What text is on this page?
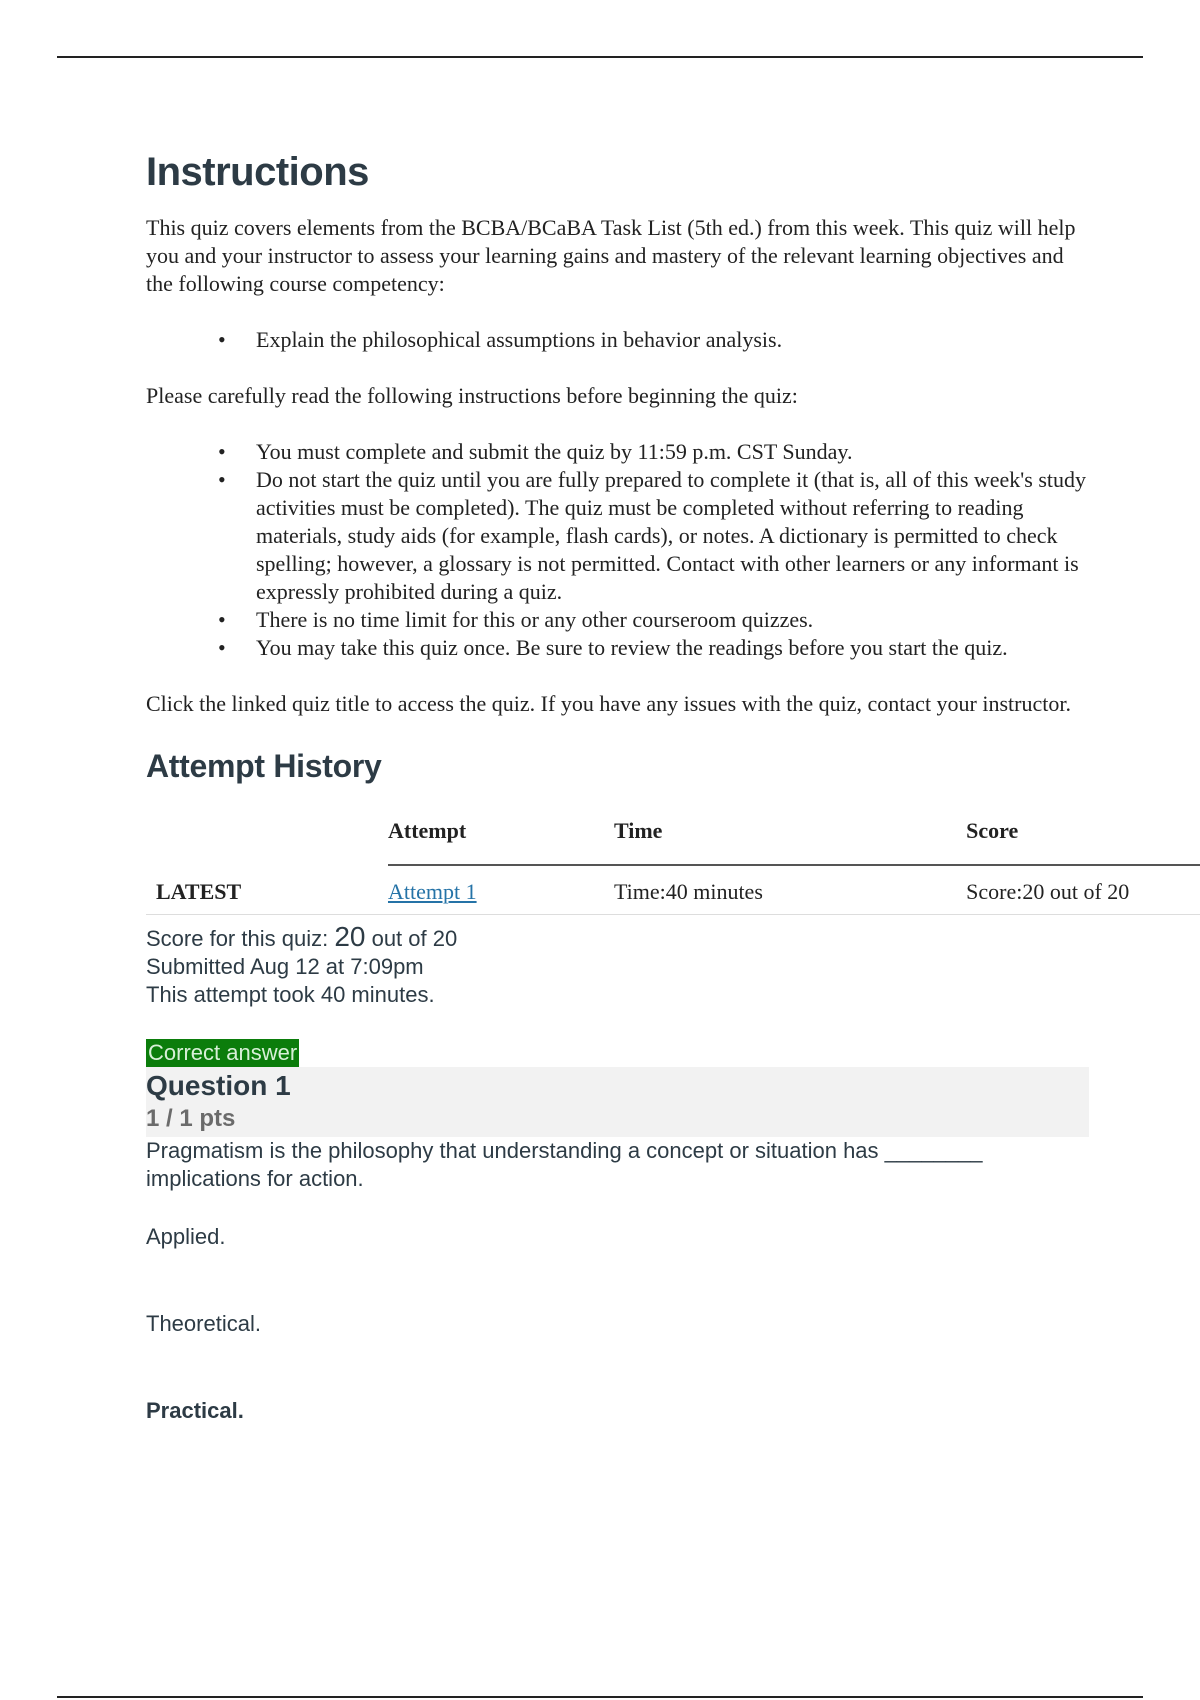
Instructions

This quiz covers elements from the BCBA/BCaBA Task List (5th ed.) from this week. This quiz will help you and your instructor to assess your learning gains and mastery of the relevant learning objectives and the following course competency:

• Explain the philosophical assumptions in behavior analysis.

Please carefully read the following instructions before beginning the quiz:

• You must complete and submit the quiz by 11:59 p.m. CST Sunday.
• Do not start the quiz until you are fully prepared to complete it (that is, all of this week's study activities must be completed). The quiz must be completed without referring to reading materials, study aids (for example, flash cards), or notes. A dictionary is permitted to check spelling; however, a glossary is not permitted. Contact with other learners or any informant is expressly prohibited during a quiz.
• There is no time limit for this or any other courseroom quizzes.
• You may take this quiz once. Be sure to review the readings before you start the quiz.

Click the linked quiz title to access the quiz. If you have any issues with the quiz, contact your instructor.

Attempt History
	Attempt	Time	Score
LATEST	Attempt 1	Time:40 minutes	Score:20 out of 20
Score for this quiz: 20 out of 20
Submitted Aug 12 at 7:09pm
This attempt took 40 minutes.
Correct answer
Question 1
1 / 1 pts

Pragmatism is the philosophy that understanding a concept or situation has ________ implications for action.

Applied.
Theoretical.
Practical.
